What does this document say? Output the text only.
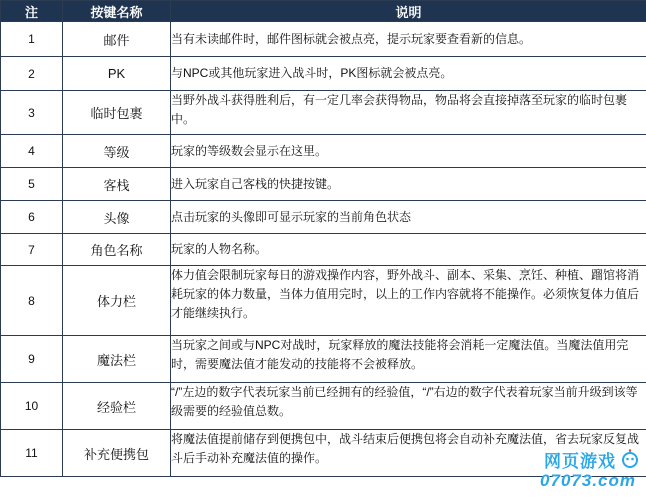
注	按键名称	说明
1	邮件	当有未读邮件时，邮件图标就会被点亮，提示玩家要查看新的信息。
2	PK	与NPC或其他玩家进入战斗时，PK图标就会被点亮。
3	临时包裹	当野外战斗获得胜利后，有一定几率会获得物品，物品将会直接掉落至玩家的临时包裹中。
4	等级	玩家的等级数会显示在这里。
5	客栈	进入玩家自己客栈的快捷按键。
6	头像	点击玩家的头像即可显示玩家的当前角色状态
7	角色名称	玩家的人物名称。
8	体力栏	体力值会限制玩家每日的游戏操作内容，野外战斗、副本、采集、烹饪、种植、蹓馆将消耗玩家的体力数量，当体力值用完时，以上的工作内容就将不能操作。必须恢复体力值后才能继续执行。
9	魔法栏	当玩家之间或与NPC对战时，玩家释放的魔法技能将会消耗一定魔法值。当魔法值用完时，需要魔法值才能发动的技能将不会被释放。
10	经验栏	“/”左边的数字代表玩家当前已经拥有的经验值，“/”右边的数字代表着玩家当前升级到该等级需要的经验值总数。
11	补充便携包	将魔法值提前储存到便携包中，战斗结束后便携包将会自动补充魔法值，省去玩家反复战斗后手动补充魔法值的操作。	网页游戏
07073.com
